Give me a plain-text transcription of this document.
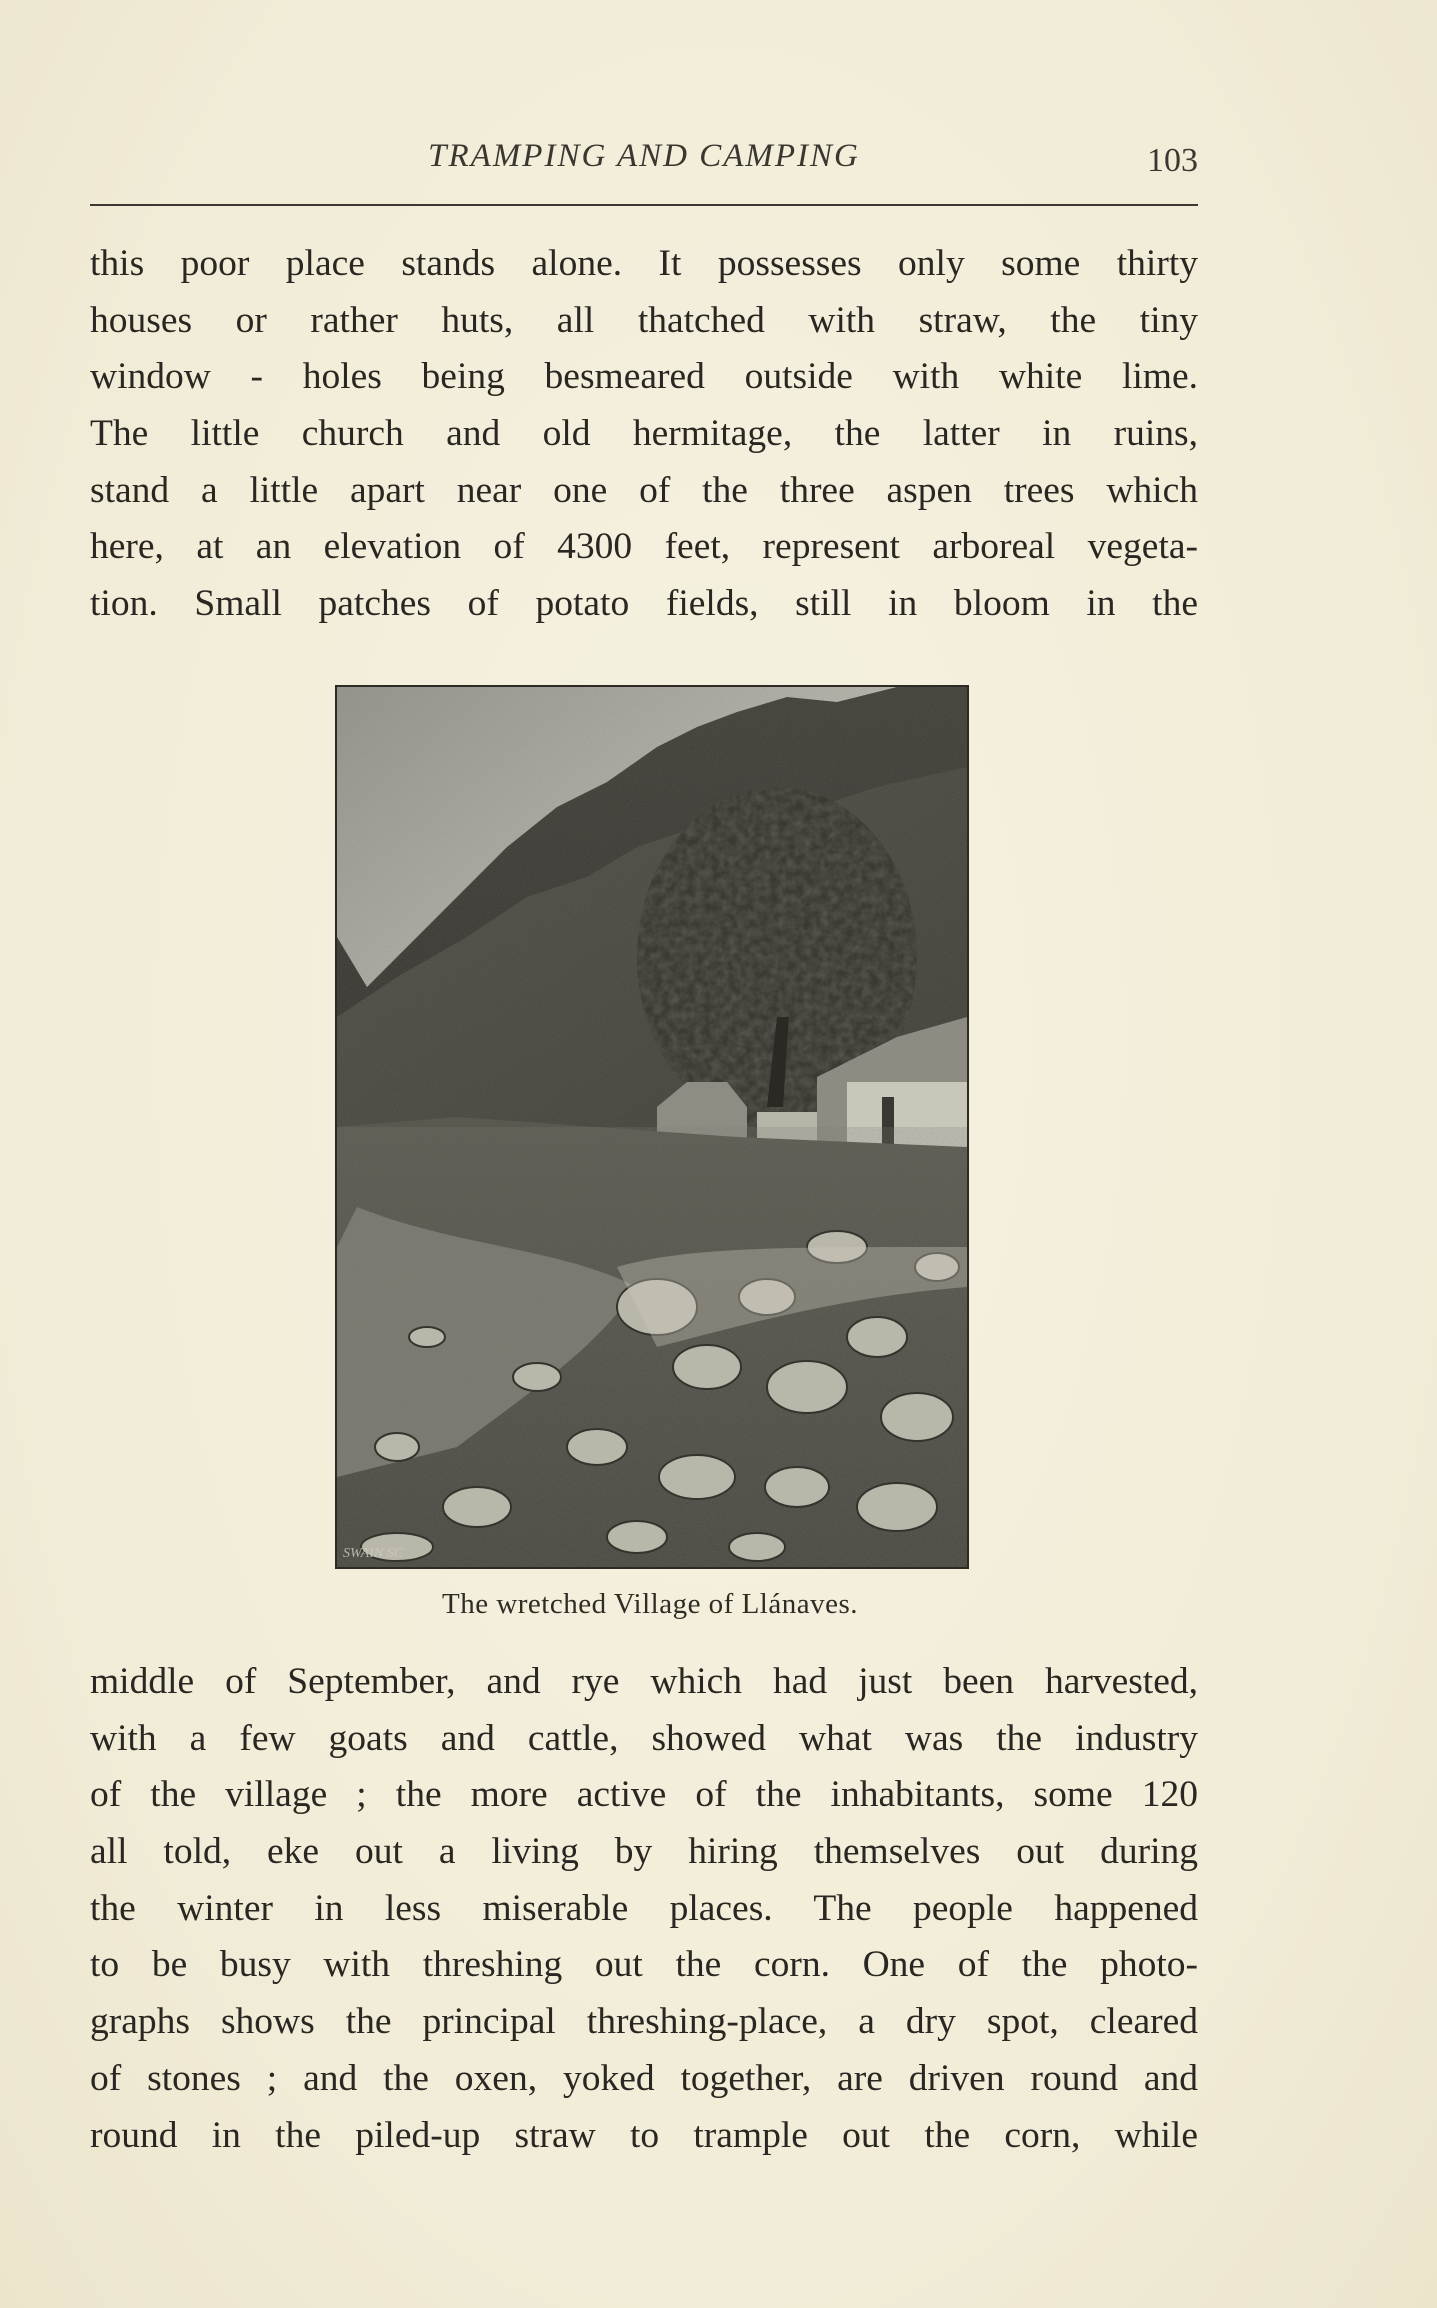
TRAMPING AND CAMPING	103
this poor place stands alone. It possesses only some thirty
houses or rather huts, all thatched with straw, the tiny
window - holes being besmeared outside with white lime.
The little church and old hermitage, the latter in ruins,
stand a little apart near one of the three aspen trees which
here, at an elevation of 4300 feet, represent arboreal vegeta-
tion. Small patches of potato fields, still in bloom in the
SWAIN SC
The wretched Village of Llánaves.
middle of September, and rye which had just been harvested,
with a few goats and cattle, showed what was the industry
of the village ; the more active of the inhabitants, some 120
all told, eke out a living by hiring themselves out during
the winter in less miserable places. The people happened
to be busy with threshing out the corn. One of the photo-
graphs shows the principal threshing-place, a dry spot, cleared
of stones ; and the oxen, yoked together, are driven round and
round in the piled-up straw to trample out the corn, while
